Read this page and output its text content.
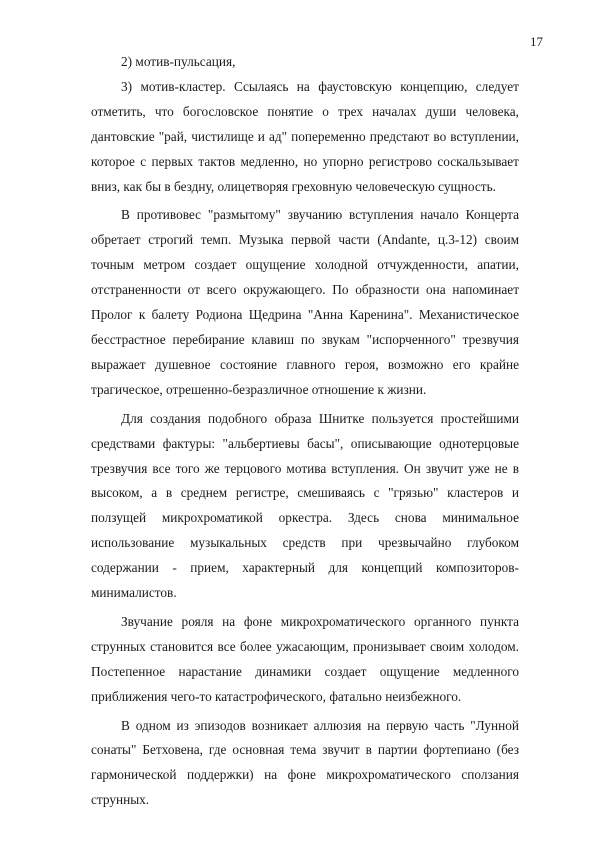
17

2) мотив-пульсация,

3) мотив-кластер. Ссылаясь на фаустовскую концепцию, следует отметить, что богословское понятие о трех началах души человека, дантовские "рай, чистилище и ад" попеременно предстают во вступлении, которое с первых тактов медленно, но упорно регистрово соскальзывает вниз, как бы в бездну, олицетворяя греховную человеческую сущность.

В противовес "размытому" звучанию вступления начало Концерта обретает строгий темп. Музыка первой части (Andante, ц.3-12) своим точным метром создает ощущение холодной отчужденности, апатии, отстраненности от всего окружающего. По образности она напоминает Пролог к балету Родиона Щедрина "Анна Каренина". Механистическое бесстрастное перебирание клавиш по звукам "испорченного" трезвучия выражает душевное состояние главного героя, возможно его крайне трагическое, отрешенно-безразличное отношение к жизни.

Для создания подобного образа Шнитке пользуется простейшими средствами фактуры: "альбертиевы басы", описывающие однотерцовые трезвучия все того же терцового мотива вступления. Он звучит уже не в высоком, а в среднем регистре, смешиваясь с "грязью" кластеров и ползущей микрохроматикой оркестра. Здесь снова минимальное использование музыкальных средств при чрезвычайно глубоком содержании - прием, характерный для концепций композиторов-минималистов.

Звучание рояля на фоне микрохроматического органного пункта струнных становится все более ужасающим, пронизывает своим холодом. Постепенное нарастание динамики создает ощущение медленного приближения чего-то катастрофического, фатально неизбежного.

В одном из эпизодов возникает аллюзия на первую часть "Лунной сонаты" Бетховена, где основная тема звучит в партии фортепиано (без гармонической поддержки) на фоне микрохроматического сползания струнных.
